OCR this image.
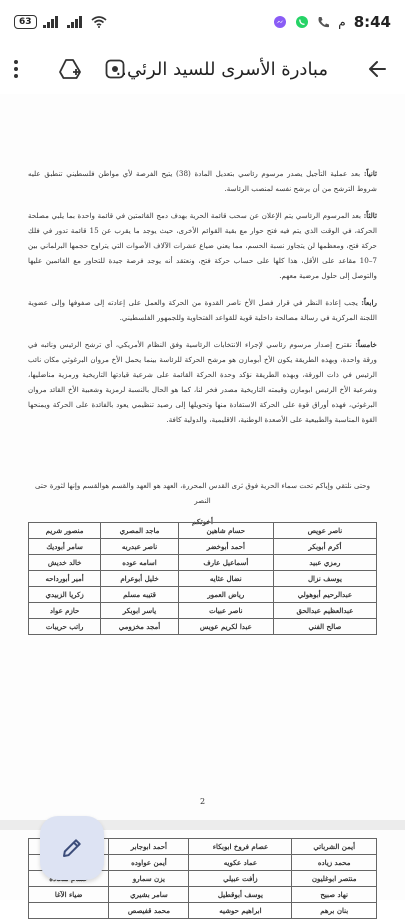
63	م 8:44
مبادرة الأسرى للسيد الرئي..

ثانياً: بعد عملية التأجيل يصدر مرسوم رئاسي بتعديل المادة (38) يتيح الفرصة لأي مواطن فلسطيني تنطبق عليه شروط الترشح من أن يرشح نفسه لمنصب الرئاسة.

ثالثاً: بعد المرسوم الرئاسي يتم الإعلان عن سحب قائمة الحرية بهدف دمج القائمتين في قائمة واحدة بما يلبي مصلحة الحركة، في الوقت الذي يتم فيه فتح حوار مع بقية القوائم الأخرى، حيث يوجد ما يقرب عن 15 قائمة تدور في فلك حركة فتح، ومعظمها لن يتجاوز نسبة الحسم، مما يعني ضياع عشرات الآلاف الأصوات التي يتراوح حجمها البرلماني بين 7–10 مقاعد على الأقل، هذا كلها على حساب حركة فتح، ونعتقد أنه يوجد فرصة جيدة للتحاور مع القائمين عليها والتوصل إلى حلول مرضية معهم.

رابعاً: يجب إعادة النظر في قرار فصل الأخ ناصر القدوة من الحركة والعمل على إعادته إلى صفوفها وإلى عضوية اللجنة المركزية في رسالة مصالحة داخلية قوية للقواعد الفتحاوية وللجمهور الفلسطيني.

خامساً: نقترح إصدار مرسوم رئاسي لإجراء الانتخابات الرئاسية وفق النظام الأمريكي، أي ترشح الرئيس ونائبه في ورقة واحدة، وبهذه الطريقة يكون الأخ أبومازن هو مرشح الحركة للرئاسة بينما يحمل الأخ مروان البرغوثي مكان نائب الرئيس في ذات الورقة، وبهذه الطريقة نؤكد وحدة الحركة القائمة على شرعية قيادتها التاريخية ورمزية مناضليها، وشرعية الأخ الرئيس ابومازن وقيمته التاريخية مصدر فخر لنا، كما هو الحال بالنسبة لرمزية وشعبية الأخ القائد مروان البرغوثي، فهذه أوراق قوة على الحركة الاستفادة منها وتحويلها إلى رصيد تنظيمي يعود بالفائدة على الحركة ويمنحها القوة المناسبة والطبيعية على الأصعدة الوطنية، الاقليمية، والدولية كافة.

وحتى نلتقي وإياكم تحت سماء الحرية فوق ثرى القدس المحررة، العهد هو العهد والقسم هوالقسم وإنها لثورة حتى النصر

أخوتكم

ناصر عويص	حسام شاهين	ماجد المصري	منصور شريم
أكرم أبوبكر	أحمد أبوخضر	ناصر عبدربه	سامر أبوديك
رمزي عبيد	أسماعيل عارف	اسامه عوده	خالد خديش
يوسف نزال	نضال عثايه	خليل أبوعرام	أمير أبورداحه
عبدالرحيم أبوهولي	رياض العمور	قتيبه مسلم	زكريا الزبيدي
عبدالعظيم عبدالحق	ناصر عبيات	ياسر ابوبكر	حازم عواد
صالح الفني	عبدا لكريم عويس	أمجد مخزومي	راتب حريبات
2
أيمن الشرباتي	عصام فروخ ابوبكاء	أحمد ابوجابر	
محمد زياده	عماد عكويه	أيمن عواوده	
منتصر ابوغليون	زأفت عبيلي	يزن سمارو	
نهاد صبيح	يوسف أبوقطيل	سامر بشيري	ضياء الآغا
بنان برهم	ابراهيم حوشيه	محمد قفيصص	
